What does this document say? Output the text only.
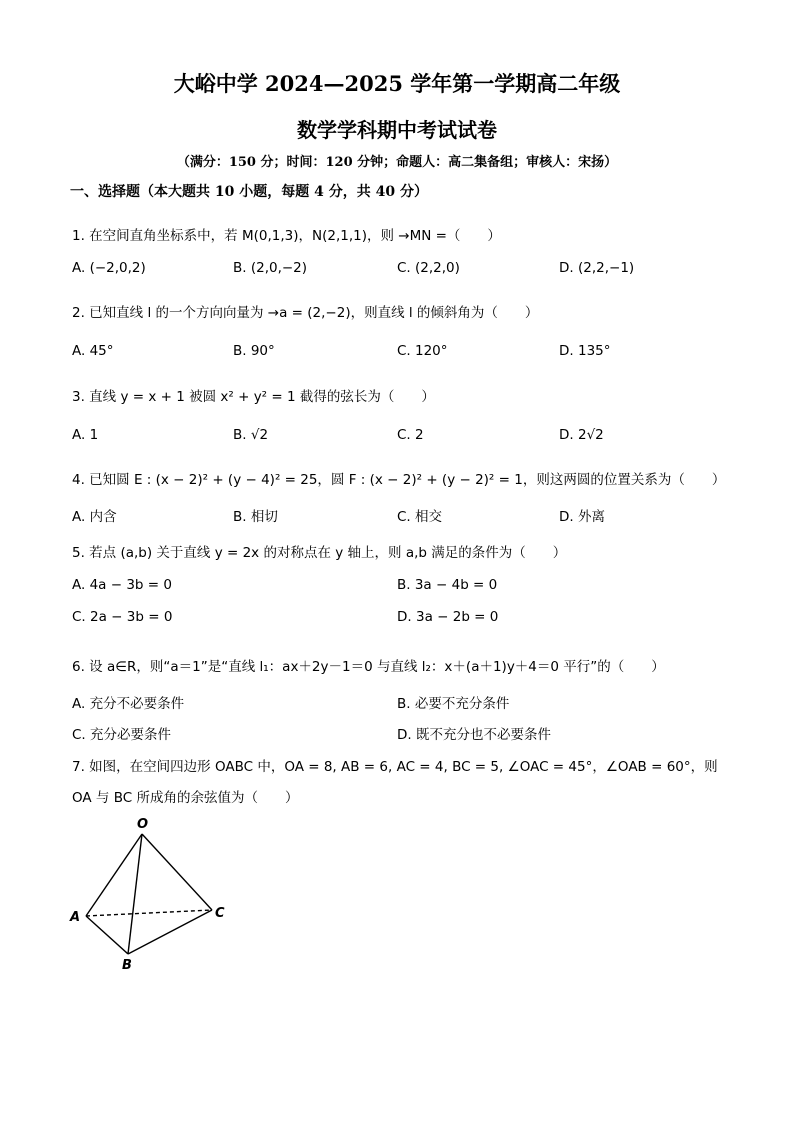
大峪中学 2024—2025 学年第一学期高二年级
数学学科期中考试试卷
（满分：150 分；时间：120 分钟；命题人：高二集备组；审核人：宋扬）
一、选择题（本大题共 10 小题，每题 4 分，共 40 分）
1. 在空间直角坐标系中，若 M(0,1,3)，N(2,1,1)，则 →MN =（　　）
A. (−2,0,2)	B. (2,0,−2)	C. (2,2,0)	D. (2,2,−1)
2. 已知直线 l 的一个方向向量为 →a = (2,−2)，则直线 l 的倾斜角为（　　）
A. 45°	B. 90°	C. 120°	D. 135°
3. 直线 y = x + 1 被圆 x² + y² = 1 截得的弦长为（　　）
A. 1	B. √2	C. 2	D. 2√2
4. 已知圆 E : (x − 2)² + (y − 4)² = 25，圆 F : (x − 2)² + (y − 2)² = 1，则这两圆的位置关系为（　　）
A. 内含	B. 相切	C. 相交	D. 外离
5. 若点 (a,b) 关于直线 y = 2x 的对称点在 y 轴上，则 a,b 满足的条件为（　　）
A. 4a − 3b = 0	B. 3a − 4b = 0
C. 2a − 3b = 0	D. 3a − 2b = 0
6. 设 a∈R，则“a＝1”是“直线 l₁：ax＋2y－1＝0 与直线 l₂：x＋(a＋1)y＋4＝0 平行”的（　　）
A. 充分不必要条件	B. 必要不充分条件
C. 充分必要条件	D. 既不充分也不必要条件
7. 如图，在空间四边形 OABC 中，OA = 8, AB = 6, AC = 4, BC = 5, ∠OAC = 45°，∠OAB = 60°，则
OA 与 BC 所成角的余弦值为（　　）
O
A
B
C
